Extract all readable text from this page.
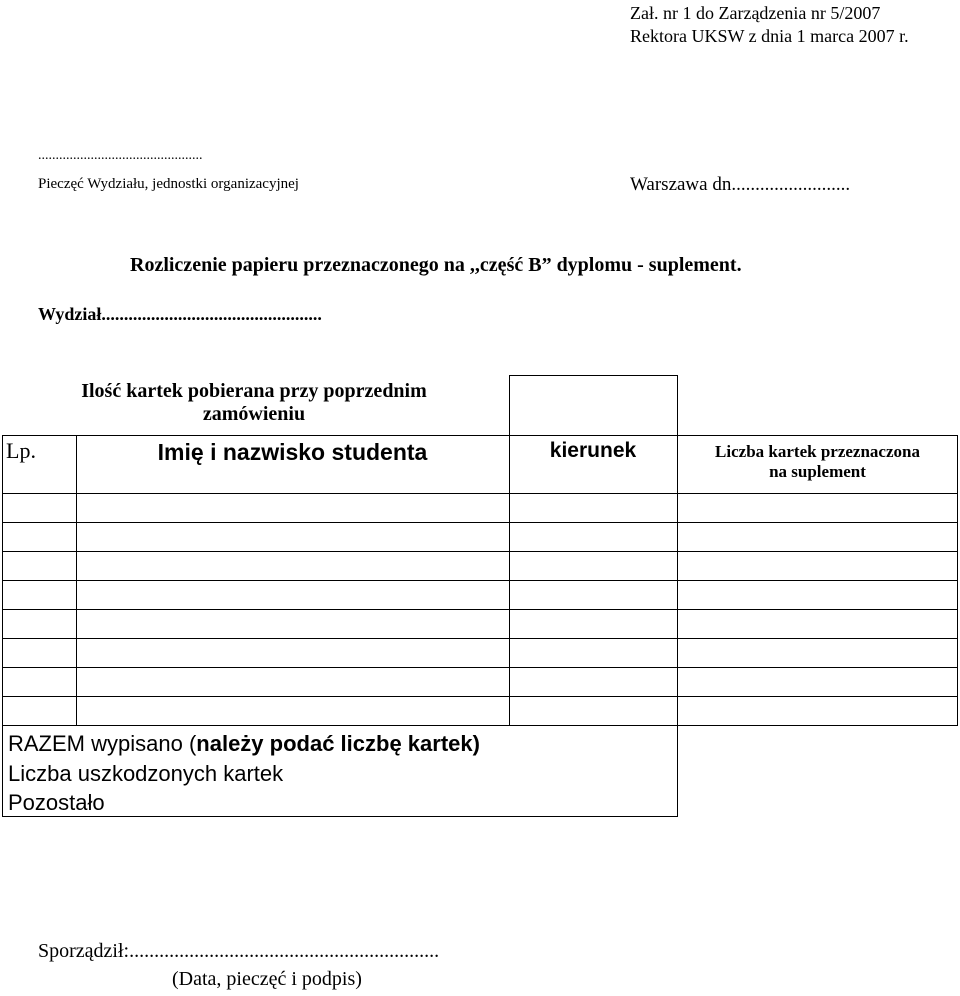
Zał. nr 1 do Zarządzenia nr 5/2007
Rektora UKSW z dnia 1 marca 2007 r.
...............................................
Pieczęć Wydziału, jednostki organizacyjnej	Warszawa dn.........................
Rozliczenie papieru przeznaczonego na ,,część B” dyplomu - suplement.
Wydział.................................................
Ilość kartek pobierana przy poprzednim
zamówieniu
Lp.	Imię i nazwisko studenta	kierunek	Liczba kartek przeznaczona
na suplement
RAZEM wypisano (należy podać liczbę kartek)
Liczba uszkodzonych kartek
Pozostało
Sporządził:..............................................................
(Data, pieczęć i podpis)
